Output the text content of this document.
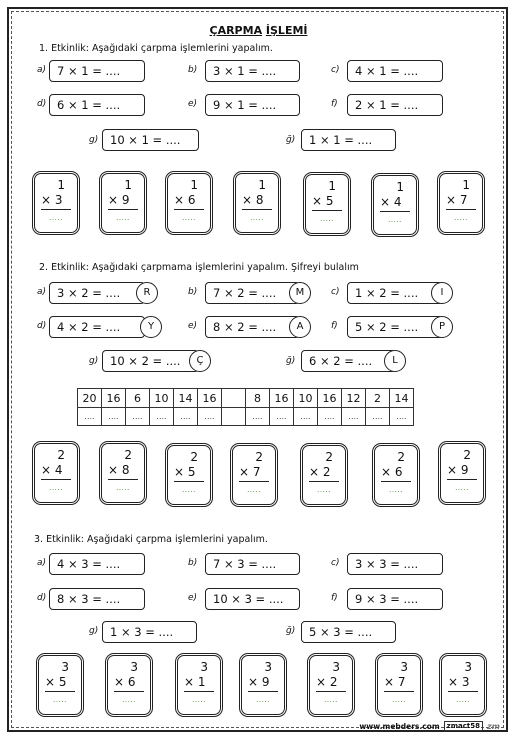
ÇARPMA İŞLEMİ
1. Etkinlik: Aşağıdaki çarpma işlemlerini yapalım.
a) 7 × 1 = ....	b)	3 × 1 = ....	c)	4 × 1 = ....
d) 6 × 1 = ....	e)	9 × 1 = ....	f)	2 × 1 = ....
g)	10 × 1 = ....	ğ)	1 × 1 = ....
1
× 3
.....
1
× 9
.....
1
× 6
.....
1
× 8
.....
1
× 5
.....
1
× 4
.....
1
× 7
.....
2. Etkinlik: Aşağıdaki çarpmama işlemlerini yapalım. Şifreyi bulalım
a) 3 × 2 = ....	R	b)	7 × 2 = ....	M	c)	1 × 2 = ....	I
d) 4 × 2 = ....	Y	e)	8 × 2 = ....	A	f)	5 × 2 = ....	P
g)	10 × 2 = ....	Ç	ğ)	6 × 2 = ....	L
20	16	6	10	14	16		8	16	10	16	12	2	14
....	....	....	....	....	....		....	....	....	....	....	....	....
2
× 4
.....
2
× 8
.....
2
× 5
.....
2
× 7
.....
2
× 2
.....
2
× 6
.....
2
× 9
.....
3. Etkinlik: Aşağıdaki çarpma işlemlerini yapalım.
a) 4 × 3 = ....	b)	7 × 3 = ....	c)	3 × 3 = ....
d) 8 × 3 = ....	e)	10 × 3 = ....	f)	9 × 3 = ....
g)	1 × 3 = ....	ğ)	5 × 3 = ....
3
× 5
.....
3
× 6
.....
3
× 1
.....
3
× 9
.....
3
× 2
.....
3
× 7
.....
3
× 3
.....
www.mebders.com	zmact58 zm
